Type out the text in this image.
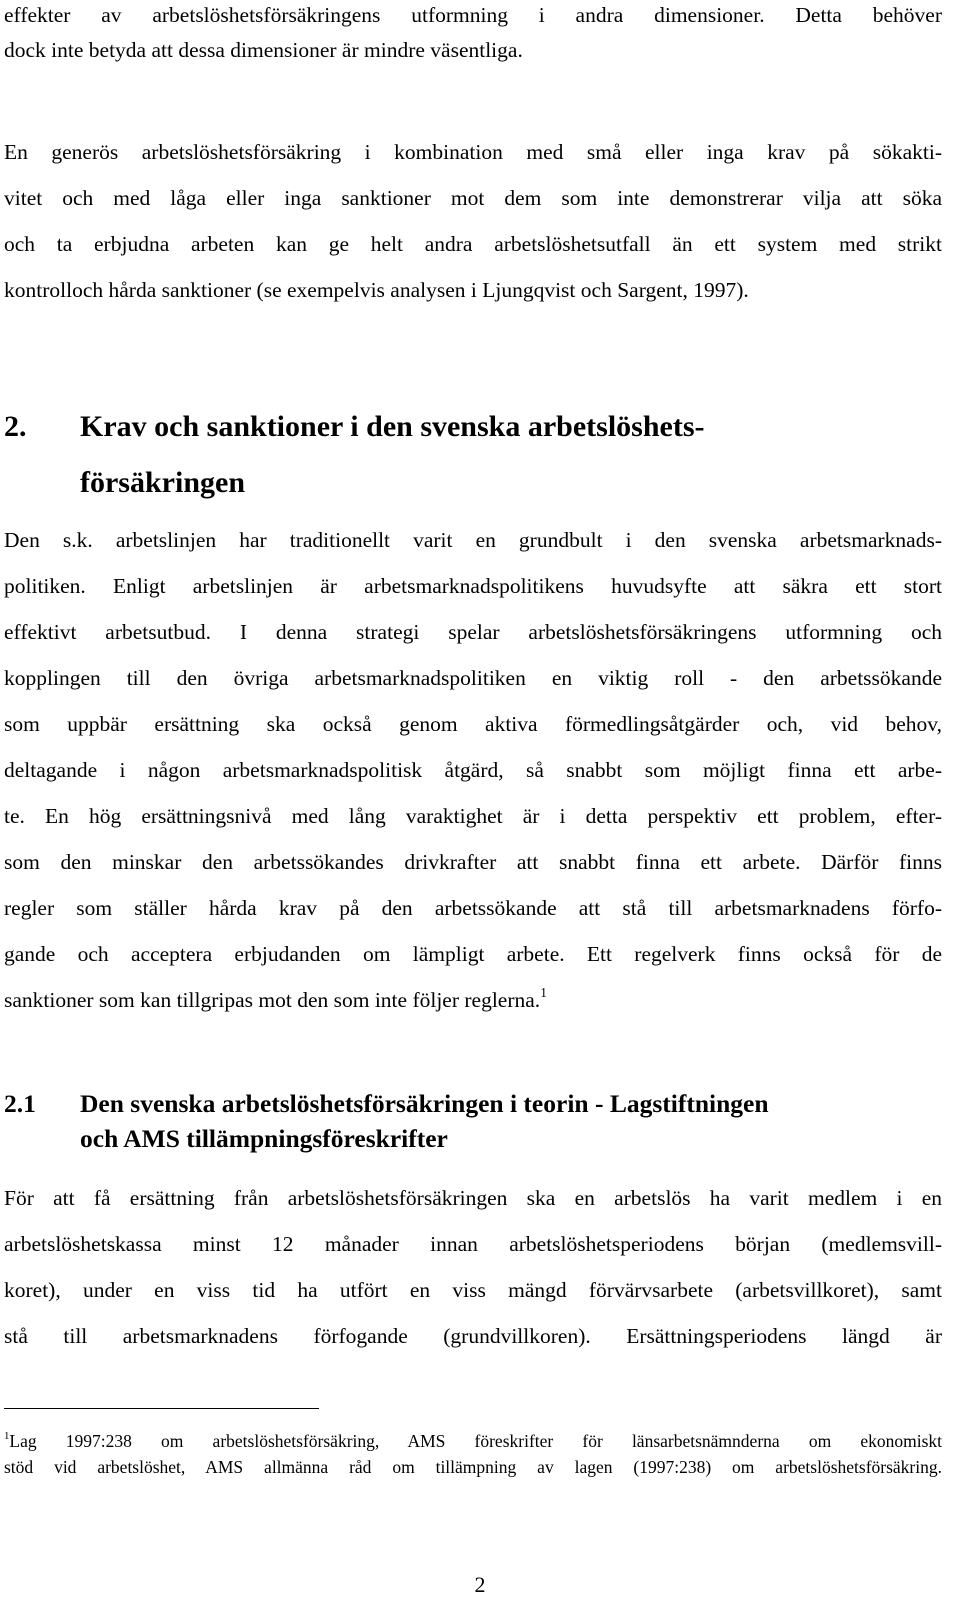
effekter av arbetslöshetsförsäkringens utformning i andra dimensioner. Detta behöver
dock inte betyda att dessa dimensioner är mindre väsentliga.
En generös arbetslöshetsförsäkring i kombination med små eller inga krav på sökakti-
vitet och med låga eller inga sanktioner mot dem som inte demonstrerar vilja att söka
och ta erbjudna arbeten kan ge helt andra arbetslöshetsutfall än ett system med strikt
kontrolloch hårda sanktioner (se exempelvis analysen i Ljungqvist och Sargent, 1997).
2. Krav och sanktioner i den svenska arbetslöshets-
försäkringen
Den s.k. arbetslinjen har traditionellt varit en grundbult i den svenska arbetsmarknads-
politiken. Enligt arbetslinjen är arbetsmarknadspolitikens huvudsyfte att säkra ett stort
effektivt arbetsutbud. I denna strategi spelar arbetslöshetsförsäkringens utformning och
kopplingen till den övriga arbetsmarknadspolitiken en viktig roll - den arbetssökande
som uppbär ersättning ska också genom aktiva förmedlingsåtgärder och, vid behov,
deltagande i någon arbetsmarknadspolitisk åtgärd, så snabbt som möjligt finna ett arbe-
te. En hög ersättningsnivå med lång varaktighet är i detta perspektiv ett problem, efter-
som den minskar den arbetssökandes drivkrafter att snabbt finna ett arbete. Därför finns
regler som ställer hårda krav på den arbetssökande att stå till arbetsmarknadens förfo-
gande och acceptera erbjudanden om lämpligt arbete. Ett regelverk finns också för de
sanktioner som kan tillgripas mot den som inte följer reglerna.$^1$
2.1 Den svenska arbetslöshetsförsäkringen i teorin - Lagstiftningen
och AMS tillämpningsföreskrifter
För att få ersättning från arbetslöshetsförsäkringen ska en arbetslös ha varit medlem i en
arbetslöshetskassa minst 12 månader innan arbetslöshetsperiodens början (medlemsvill-
koret), under en viss tid ha utfört en viss mängd förvärvsarbete (arbetsvillkoret), samt
stå till arbetsmarknadens förfogande (grundvillkoren). Ersättningsperiodens längd är
$^1$Lag 1997:238 om arbetslöshetsförsäkring, AMS föreskrifter för länsarbetsnämnderna om ekonomiskt
stöd vid arbetslöshet, AMS allmänna råd om tillämpning av lagen (1997:238) om arbetslöshetsförsäkring.
2
